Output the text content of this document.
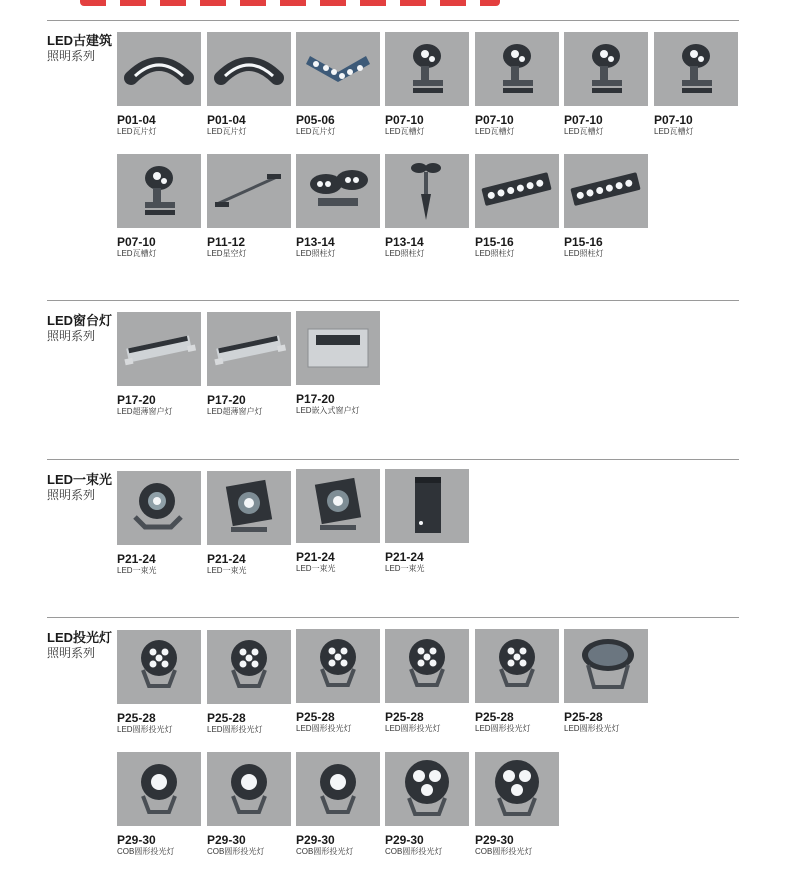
LED古建筑
照明系列
LED窗台灯
照明系列
LED一束光
照明系列
LED投光灯
照明系列
P01-04
LED瓦片灯
P01-04
LED瓦片灯
P05-06
LED瓦片灯
P07-10
LED瓦槽灯
P07-10
LED瓦槽灯
P07-10
LED瓦槽灯
P07-10
LED瓦槽灯
P07-10
LED瓦槽灯
P11-12
LED星空灯
P13-14
LED照柱灯
P13-14
LED照柱灯
P15-16
LED照柱灯
P15-16
LED照柱灯
P17-20
LED超薄窗户灯
P17-20
LED超薄窗户灯
P17-20
LED嵌入式窗户灯
P21-24
LED一束光
P21-24
LED一束光
P21-24
LED一束光
P21-24
LED一束光
P25-28
LED圆形投光灯
P25-28
LED圆形投光灯
P25-28
LED圆形投光灯
P25-28
LED圆形投光灯
P25-28
LED圆形投光灯
P25-28
LED圆形投光灯
P29-30
COB圆形投光灯
P29-30
COB圆形投光灯
P29-30
COB圆形投光灯
P29-30
COB圆形投光灯
P29-30
COB圆形投光灯
